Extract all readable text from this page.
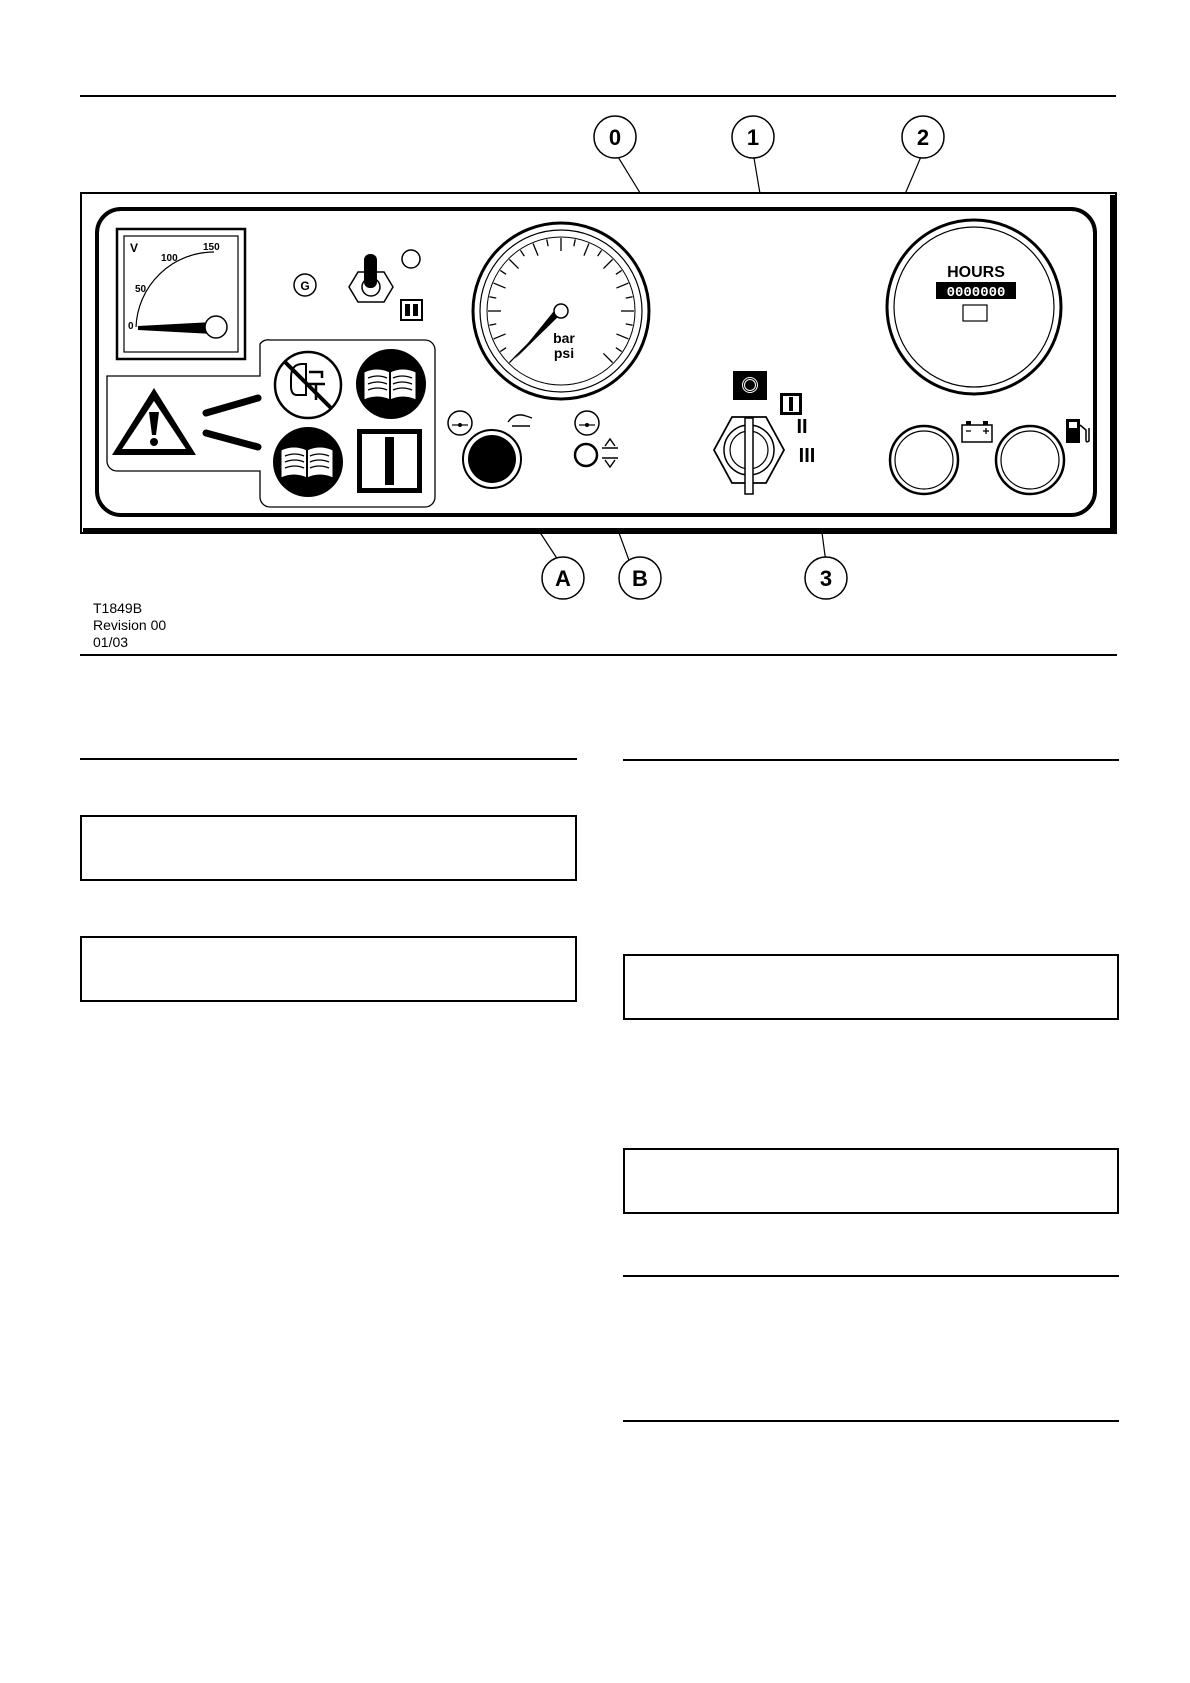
0	1	2
A	B	3
V
0
50
100
150
G
bar
psi
II
III
HOURS
0000000
T1849B
Revision 00
01/03
